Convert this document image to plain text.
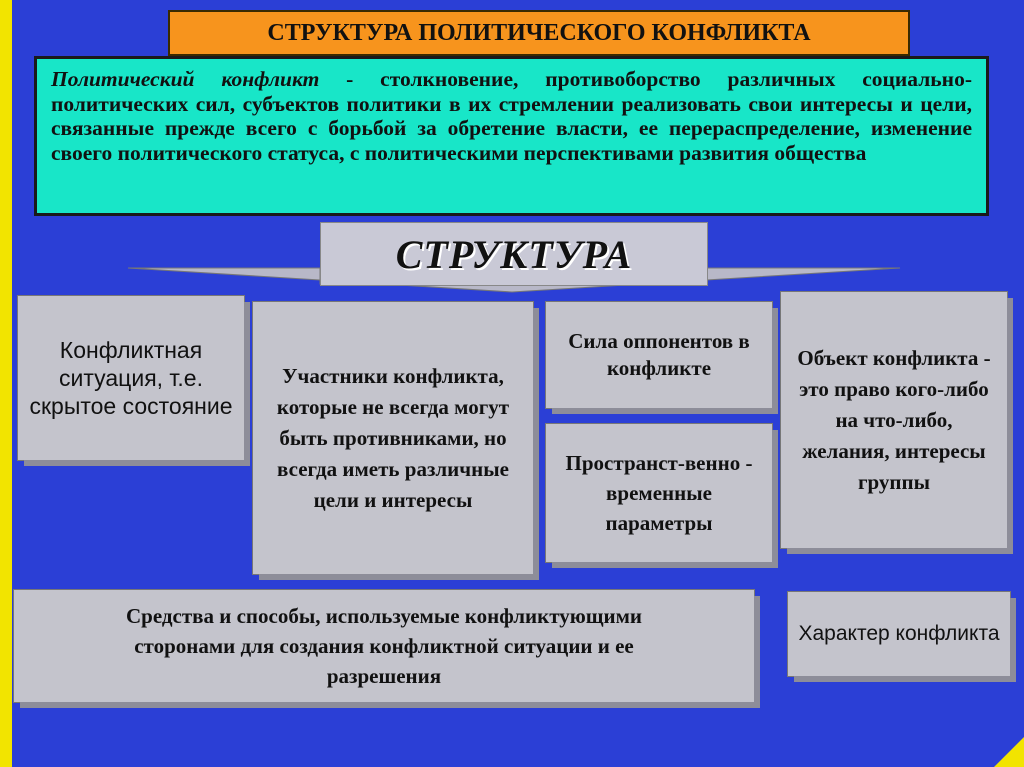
СТРУКТУРА ПОЛИТИЧЕСКОГО КОНФЛИКТА
Политический конфликт - столкновение, противоборство различных социально-политических сил, субъектов политики в их стремлении реализовать свои интересы и цели, связанные прежде всего с борьбой за обретение власти, ее перераспределение, изменение своего политического статуса, с политическими перспективами развития общества
СТРУКТУРА
Конфликтная ситуация, т.е. скрытое состояние
Участники конфликта, которые не всегда могут быть противниками, но всегда иметь различные цели и интересы
Сила оппонентов в конфликте
Пространст-венно - временные параметры
Объект конфликта - это право кого-либо на что-либо, желания, интересы группы
Средства и способы, используемые конфликтующими сторонами для создания конфликтной ситуации и ее разрешения
Характер конфликта
